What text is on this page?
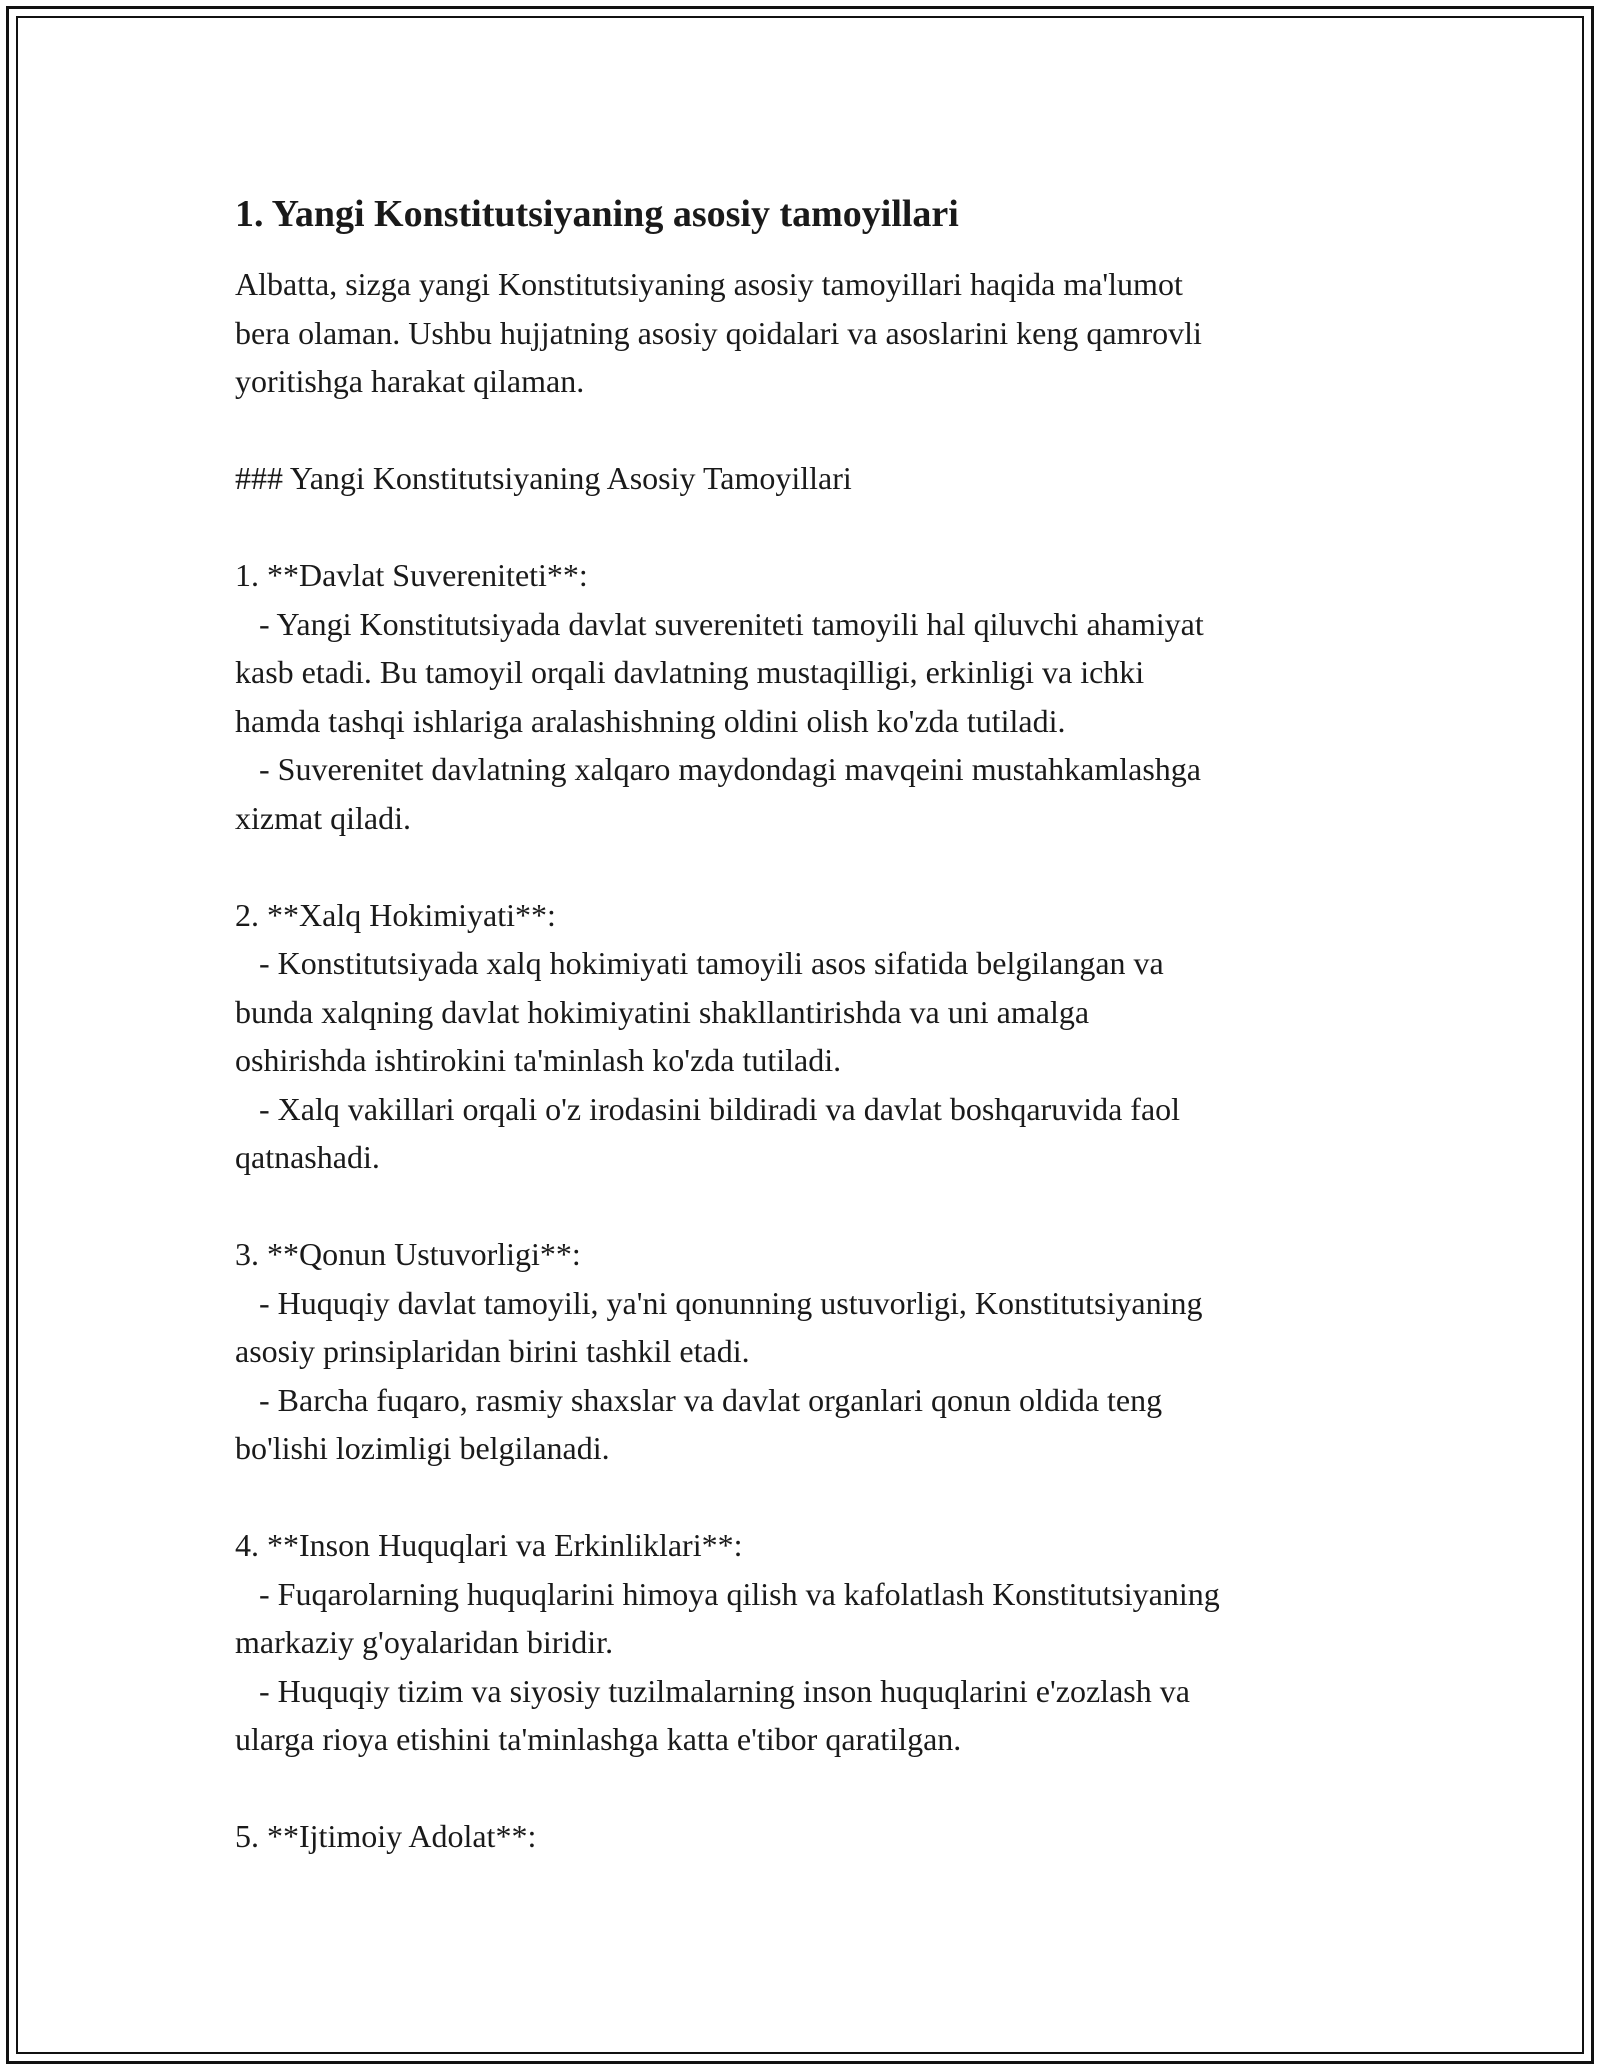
1. Yangi Konstitutsiyaning asosiy tamoyillari
Albatta, sizga yangi Konstitutsiyaning asosiy tamoyillari haqida ma'lumot
bera olaman. Ushbu hujjatning asosiy qoidalari va asoslarini keng qamrovli
yoritishga harakat qilaman.
### Yangi Konstitutsiyaning Asosiy Tamoyillari
1. **Davlat Suvereniteti**:
- Yangi Konstitutsiyada davlat suvereniteti tamoyili hal qiluvchi ahamiyat
kasb etadi. Bu tamoyil orqali davlatning mustaqilligi, erkinligi va ichki
hamda tashqi ishlariga aralashishning oldini olish ko'zda tutiladi.
- Suverenitet davlatning xalqaro maydondagi mavqeini mustahkamlashga
xizmat qiladi.
2. **Xalq Hokimiyati**:
- Konstitutsiyada xalq hokimiyati tamoyili asos sifatida belgilangan va
bunda xalqning davlat hokimiyatini shakllantirishda va uni amalga
oshirishda ishtirokini ta'minlash ko'zda tutiladi.
- Xalq vakillari orqali o'z irodasini bildiradi va davlat boshqaruvida faol
qatnashadi.
3. **Qonun Ustuvorligi**:
- Huquqiy davlat tamoyili, ya'ni qonunning ustuvorligi, Konstitutsiyaning
asosiy prinsiplaridan birini tashkil etadi.
- Barcha fuqaro, rasmiy shaxslar va davlat organlari qonun oldida teng
bo'lishi lozimligi belgilanadi.
4. **Inson Huquqlari va Erkinliklari**:
- Fuqarolarning huquqlarini himoya qilish va kafolatlash Konstitutsiyaning
markaziy g'oyalaridan biridir.
- Huquqiy tizim va siyosiy tuzilmalarning inson huquqlarini e'zozlash va
ularga rioya etishini ta'minlashga katta e'tibor qaratilgan.
5. **Ijtimoiy Adolat**:
